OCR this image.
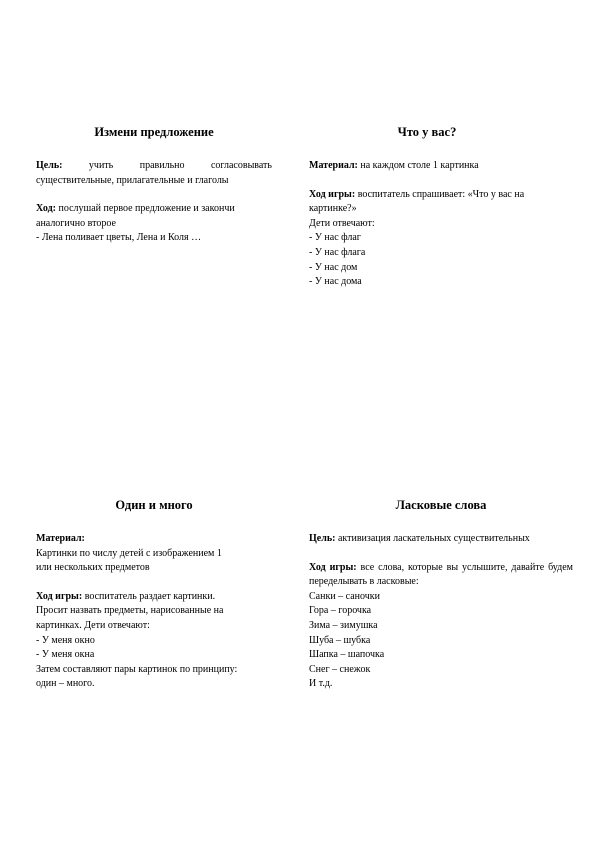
Измени предложение

Цель: учить правильно согласовывать существительные, прилагательные и глаголы

Ход: послушай первое предложение и закончи аналогично второе

- Лена поливает цветы, Лена и Коля …

Что у вас?

Материал: на каждом столе 1 картинка

Ход игры: воспитатель спрашивает: «Что у вас на картинке?»

Дети отвечают:

- У нас флаг

- У нас флага

- У нас дом

- У нас дома

Один и много

Материал:

Картинки по числу детей с изображением 1

или нескольких предметов

Ход игры: воспитатель раздает картинки.

Просит назвать предметы, нарисованные на

картинках. Дети отвечают:

- У меня окно

- У меня окна

Затем составляют пары картинок по принципу:

один – много.

Ласковые слова

Цель: активизация ласкательных существительных

Ход игры: все слова, которые вы услышите, давайте будем переделывать в ласковые:

Санки – саночки

Гора – горочка

Зима – зимушка

Шуба – шубка

Шапка – шапочка

Снег – снежок

И т.д.
